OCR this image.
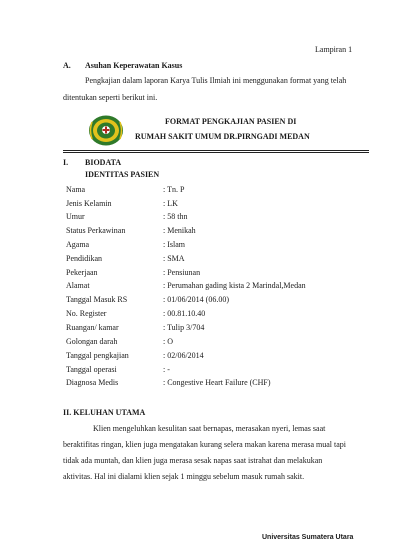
Lampiran 1
A. Asuhan Keperawatan Kasus
Pengkajian dalam laporan Karya Tulis Ilmiah ini menggunakan format yang telah
ditentukan seperti berikut ini.
FORMAT PENGKAJIAN PASIEN DI
RUMAH SAKIT UMUM DR.PIRNGADI MEDAN
I. BIODATA
IDENTITAS PASIEN
Nama	: Tn. P
Jenis Kelamin	: LK
Umur	: 58 thn
Status Perkawinan	: Menikah
Agama	: Islam
Pendidikan	: SMA
Pekerjaan	: Pensiunan
Alamat	: Perumahan gading kista 2 Marindal,Medan
Tanggal Masuk RS	: 01/06/2014 (06.00)
No. Register	: 00.81.10.40
Ruangan/ kamar	: Tulip 3/704
Golongan darah	: O
Tanggal pengkajian	: 02/06/2014
Tanggal operasi	: -
Diagnosa Medis	: Congestive Heart Failure (CHF)
II. KELUHAN UTAMA
Klien mengeluhkan kesulitan saat bernapas, merasakan nyeri, lemas saat
beraktifitas ringan, klien juga mengatakan kurang selera makan karena merasa mual tapi
tidak ada muntah, dan klien juga merasa sesak napas saat istrahat dan melakukan
aktivitas. Hal ini dialami klien sejak 1 minggu sebelum masuk rumah sakit.
Universitas Sumatera Utara
